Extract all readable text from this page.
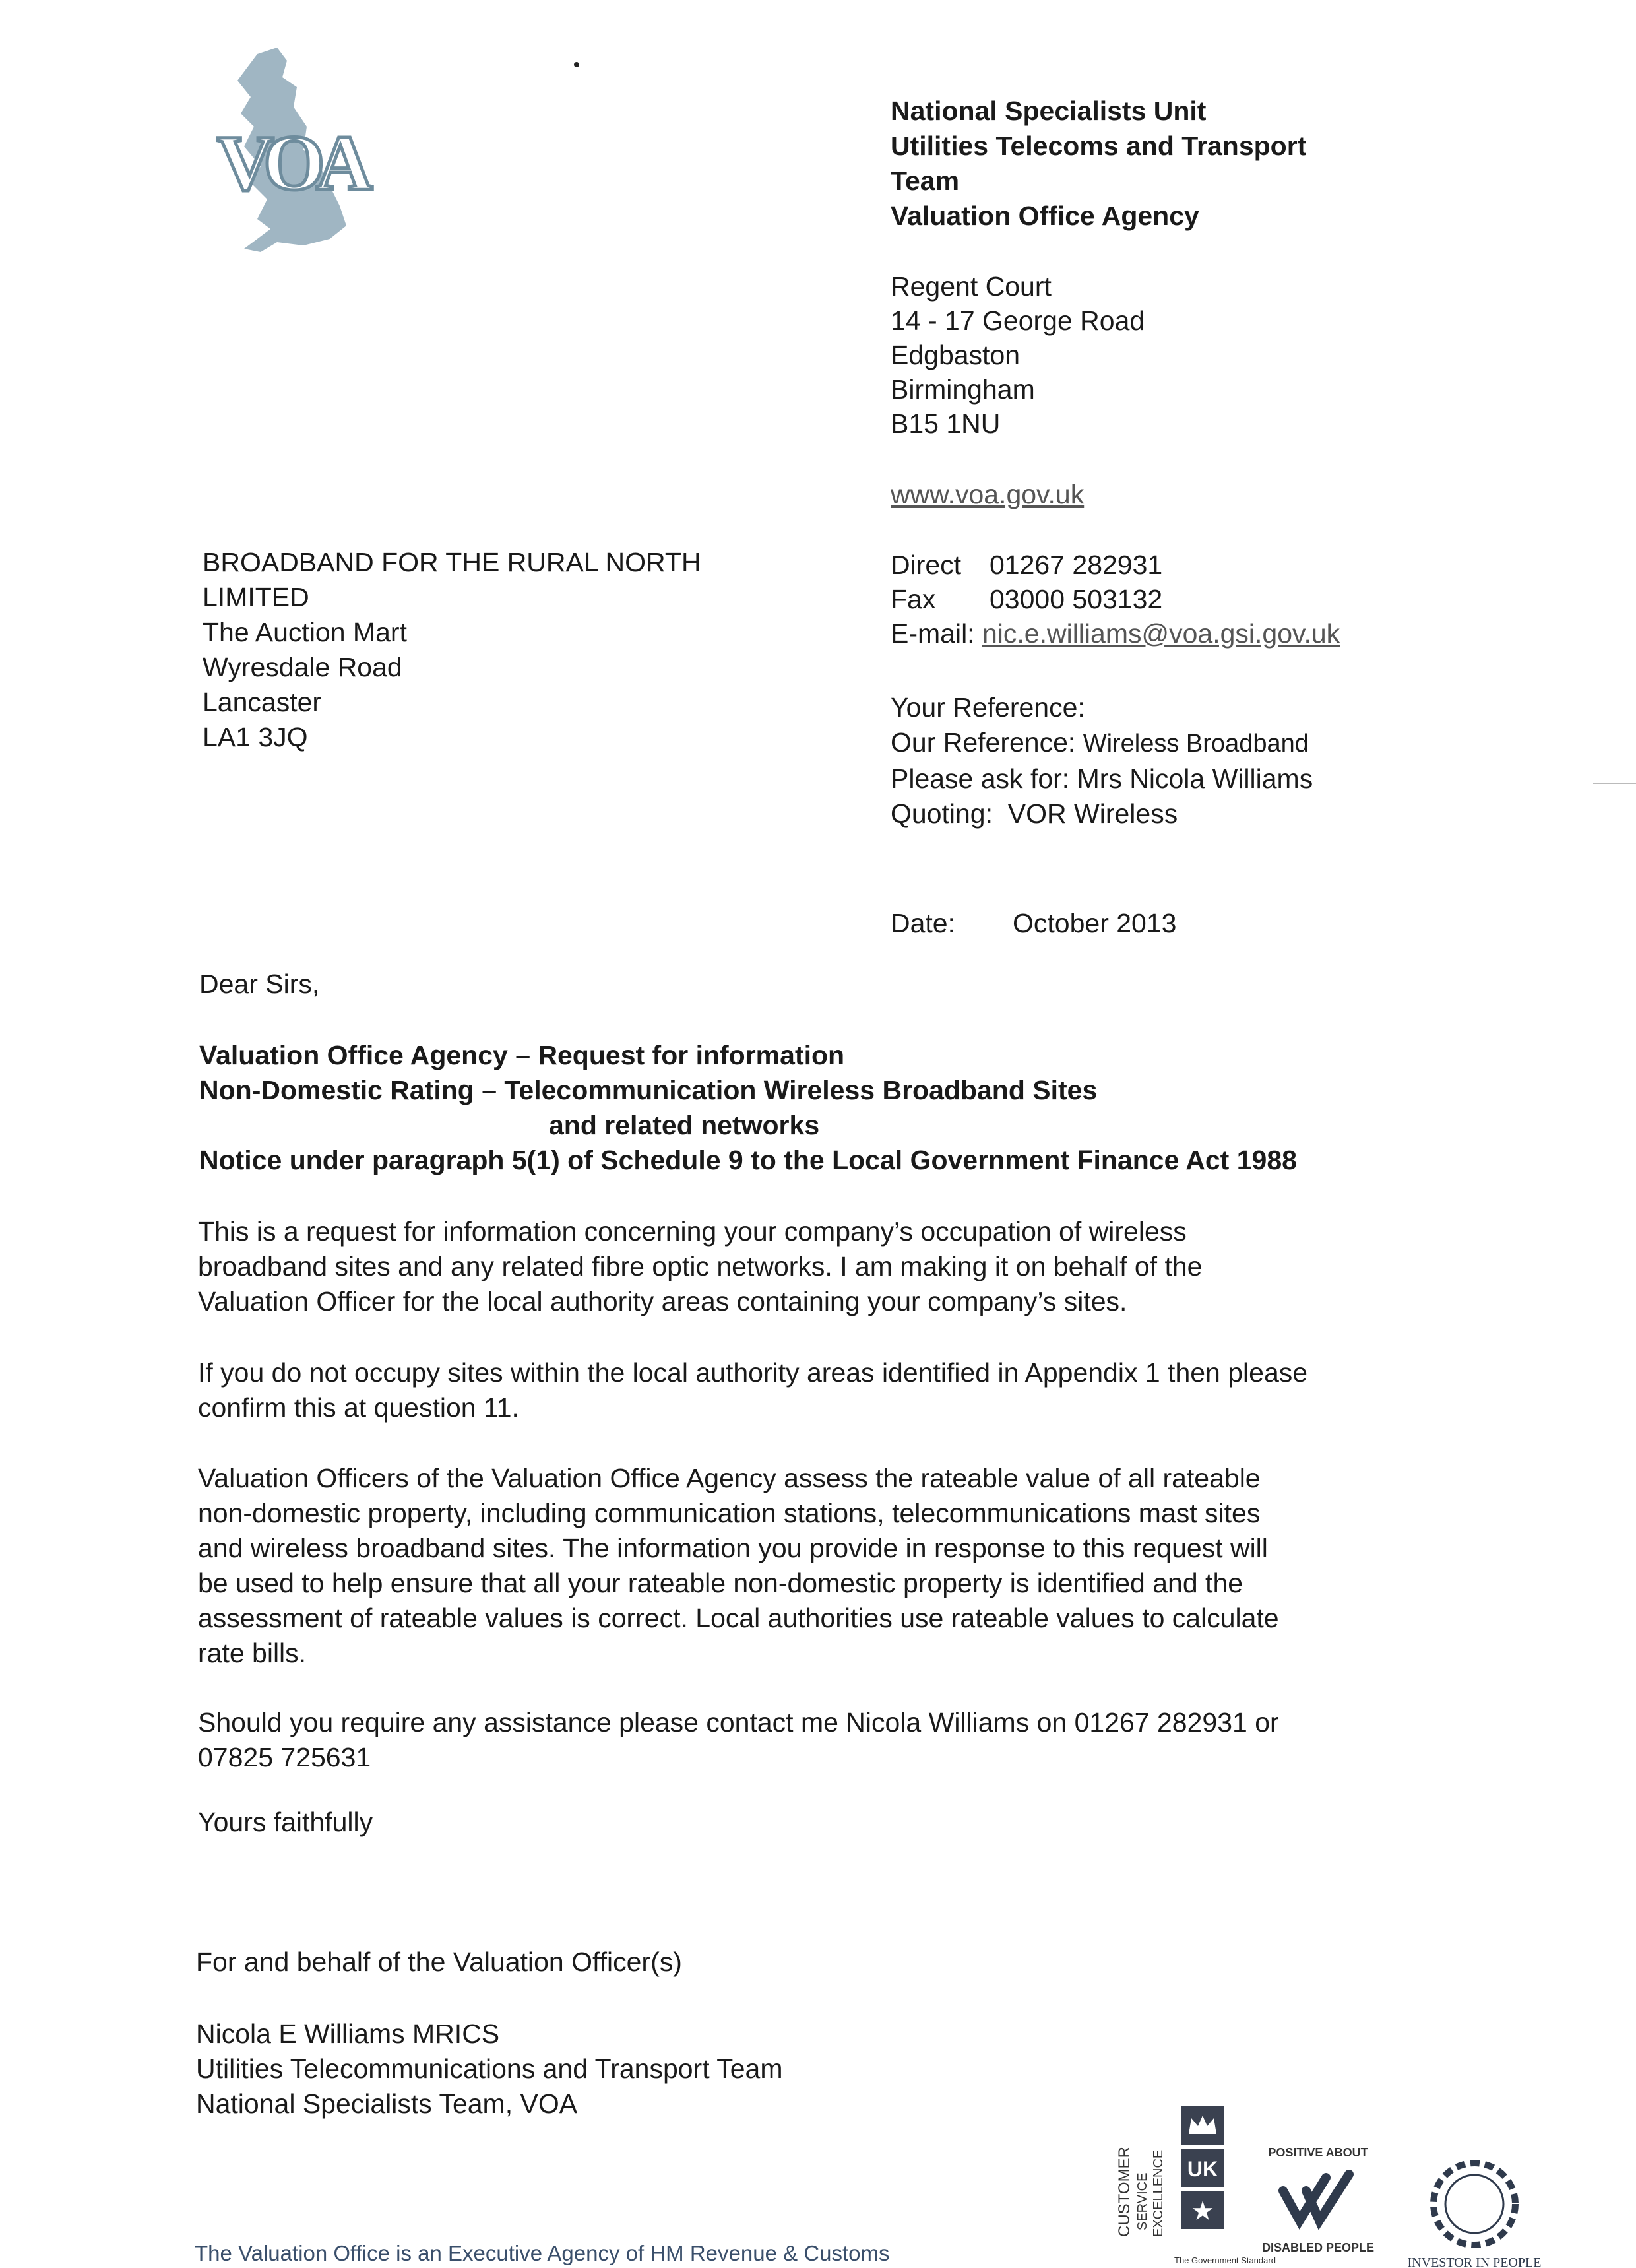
VOA
National Specialists Unit
Utilities Telecoms and Transport
Team
Valuation Office Agency
Regent Court
14 - 17 George Road
Edgbaston
Birmingham
B15 1NU
www.voa.gov.uk
Direct 01267 282931
Fax 03000 503132
E-mail: nic.e.williams@voa.gsi.gov.uk
BROADBAND FOR THE RURAL NORTH
LIMITED
The Auction Mart
Wyresdale Road
Lancaster
LA1 3JQ
Your Reference:
Our Reference: Wireless Broadband
Please ask for: Mrs Nicola Williams
Quoting: VOR Wireless
Date: October 2013
Dear Sirs,
Valuation Office Agency – Request for information
Non-Domestic Rating – Telecommunication Wireless Broadband Sites
and related networks
Notice under paragraph 5(1) of Schedule 9 to the Local Government Finance Act 1988
This is a request for information concerning your company’s occupation of wireless
broadband sites and any related fibre optic networks. I am making it on behalf of the
Valuation Officer for the local authority areas containing your company’s sites.
If you do not occupy sites within the local authority areas identified in Appendix 1 then please
confirm this at question 11.
Valuation Officers of the Valuation Office Agency assess the rateable value of all rateable
non-domestic property, including communication stations, telecommunications mast sites
and wireless broadband sites. The information you provide in response to this request will
be used to help ensure that all your rateable non-domestic property is identified and the
assessment of rateable values is correct. Local authorities use rateable values to calculate
rate bills.
Should you require any assistance please contact me Nicola Williams on 01267 282931 or
07825 725631
Yours faithfully
For and behalf of the Valuation Officer(s)
Nicola E Williams MRICS
Utilities Telecommunications and Transport Team
National Specialists Team, VOA
The Valuation Office is an Executive Agency of HM Revenue & Customs
CUSTOMER SERVICE EXCELLENCE UK
★
The Government Standard
POSITIVE ABOUT
DISABLED PEOPLE
INVESTOR IN PEOPLE
